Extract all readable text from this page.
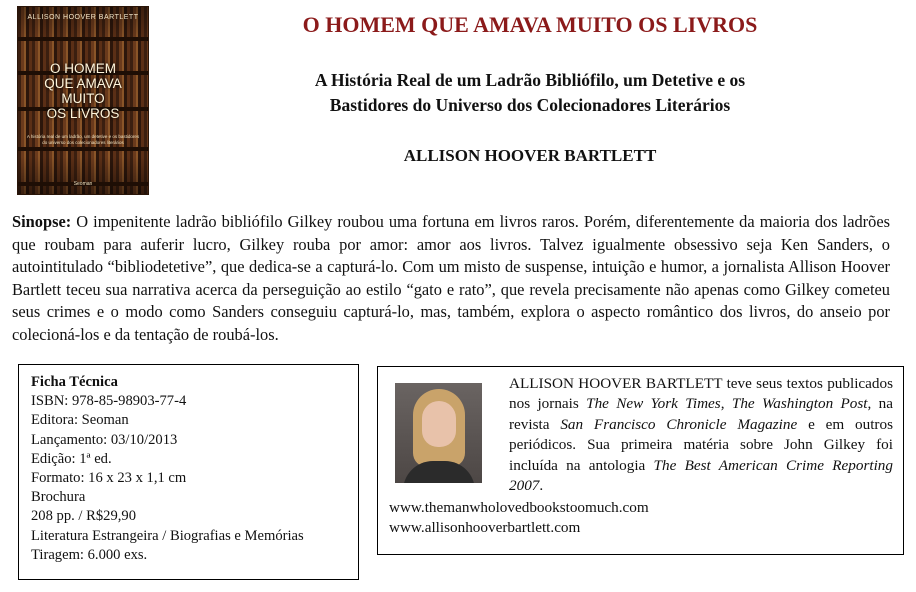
ALLISON HOOVER BARTLETT
O HOMEM
QUE AMAVA
MUITO
OS LIVROS
A história real de um ladrão, um detetive e os bastidores do universo dos colecionadores literários
Seoman
O HOMEM QUE AMAVA MUITO OS LIVROS
A História Real de um Ladrão Bibliófilo, um Detetive e os
Bastidores do Universo dos Colecionadores Literários
ALLISON HOOVER BARTLETT
Sinopse: O impenitente ladrão bibliófilo Gilkey roubou uma fortuna em livros raros. Porém, diferentemente da maioria dos ladrões que roubam para auferir lucro, Gilkey rouba por amor: amor aos livros. Talvez igualmente obsessivo seja Ken Sanders, o autointitulado “bibliodetetive”, que dedica-se a capturá-lo. Com um misto de suspense, intuição e humor, a jornalista Allison Hoover Bartlett teceu sua narrativa acerca da perseguição ao estilo “gato e rato”, que revela precisamente não apenas como Gilkey cometeu seus crimes e o modo como Sanders conseguiu capturá-lo, mas, também, explora o aspecto romântico dos livros, do anseio por colecioná-los e da tentação de roubá-los.
Ficha Técnica
ISBN: 978-85-98903-77-4
Editora: Seoman
Lançamento: 03/10/2013
Edição: 1ª ed.
Formato: 16 x 23 x 1,1 cm
Brochura
208 pp. / R$29,90
Literatura Estrangeira / Biografias e Memórias
Tiragem: 6.000 exs.
ALLISON HOOVER BARTLETT teve seus textos publicados nos jornais The New York Times, The Washington Post, na revista San Francisco Chronicle Magazine e em outros periódicos. Sua primeira matéria sobre John Gilkey foi incluída na antologia The Best American Crime Reporting 2007.
www.themanwholovedbookstoomuch.com
www.allisonhooverbartlett.com
